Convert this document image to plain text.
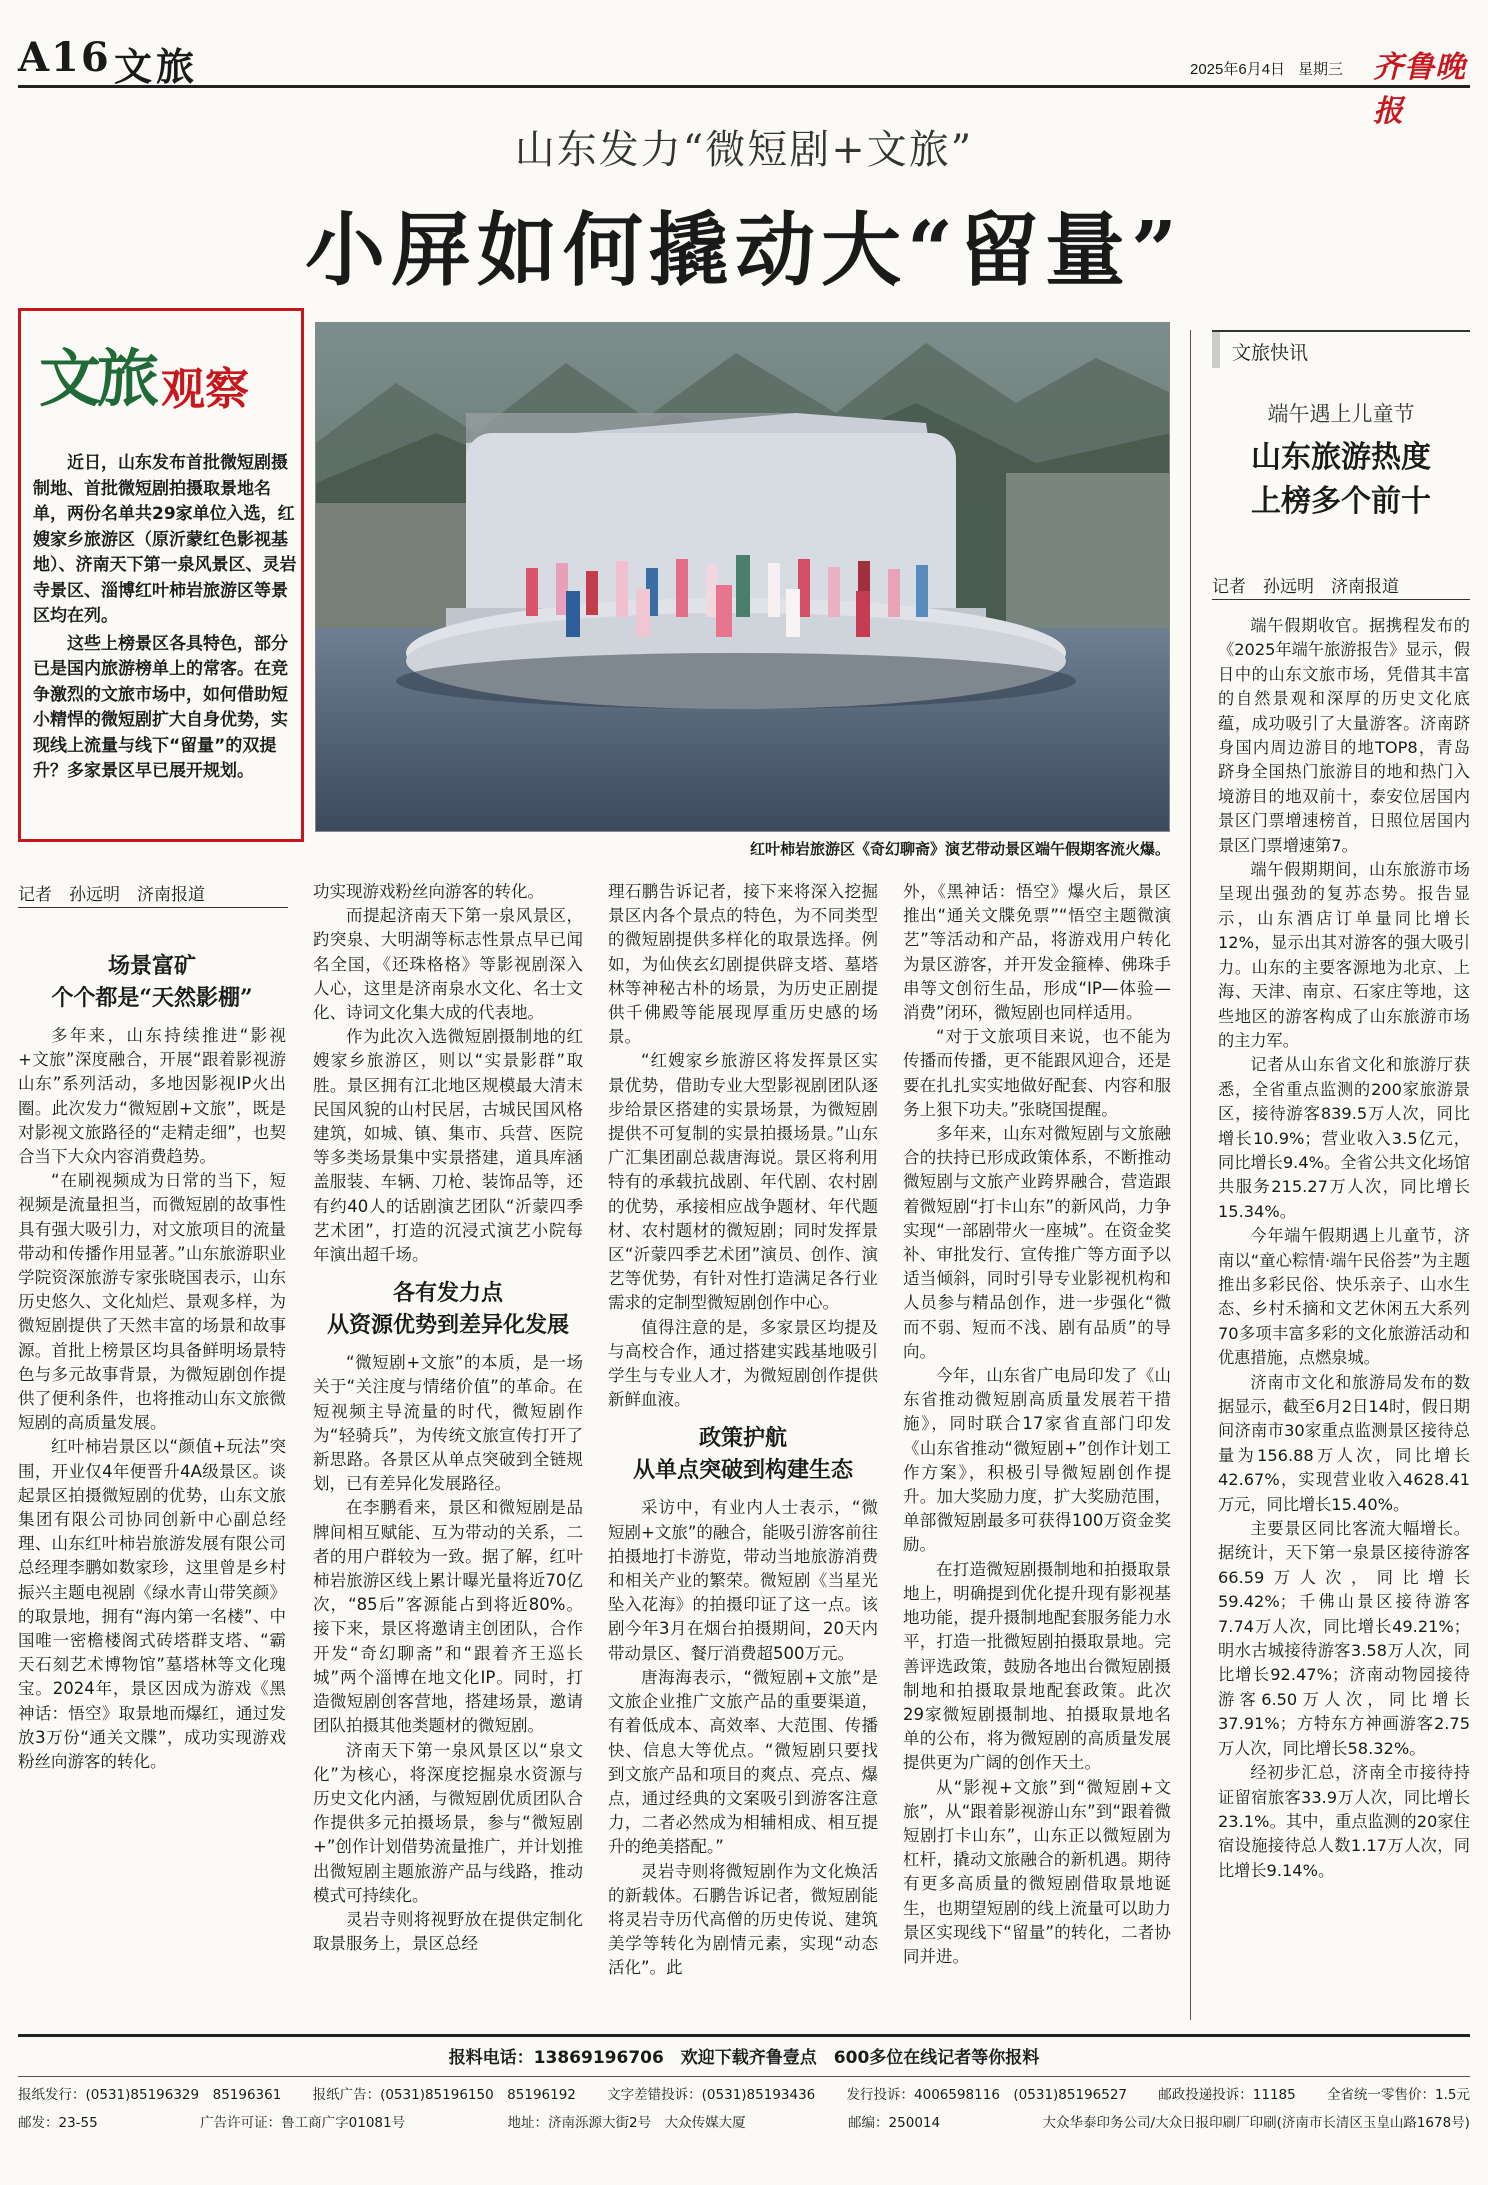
A16 文旅	2025年6月4日 星期三 齐鲁晚报
山东发力“微短剧+文旅”
小屏如何撬动大“留量”
文旅 观察

近日，山东发布首批微短剧摄制地、首批微短剧拍摄取景地名单，两份名单共29家单位入选，红嫂家乡旅游区（原沂蒙红色影视基地）、济南天下第一泉风景区、灵岩寺景区、淄博红叶柿岩旅游区等景区均在列。

这些上榜景区各具特色，部分已是国内旅游榜单上的常客。在竞争激烈的文旅市场中，如何借助短小精悍的微短剧扩大自身优势，实现线上流量与线下“留量”的双提升？多家景区早已展开规划。

红叶柿岩旅游区《奇幻聊斋》演艺带动景区端午假期客流火爆。
记者　孙远明　济南报道
场景富矿
个个都是“天然影棚”

多年来，山东持续推进“影视+文旅”深度融合，开展“跟着影视游山东”系列活动，多地因影视IP火出圈。此次发力“微短剧+文旅”，既是对影视文旅路径的“走精走细”，也契合当下大众内容消费趋势。

“在刷视频成为日常的当下，短视频是流量担当，而微短剧的故事性具有强大吸引力，对文旅项目的流量带动和传播作用显著。”山东旅游职业学院资深旅游专家张晓国表示，山东历史悠久、文化灿烂、景观多样，为微短剧提供了天然丰富的场景和故事源。首批上榜景区均具备鲜明场景特色与多元故事背景，为微短剧创作提供了便利条件，也将推动山东文旅微短剧的高质量发展。

红叶柿岩景区以“颜值+玩法”突围，开业仅4年便晋升4A级景区。谈起景区拍摄微短剧的优势，山东文旅集团有限公司协同创新中心副总经理、山东红叶柿岩旅游发展有限公司总经理李鹏如数家珍，这里曾是乡村振兴主题电视剧《绿水青山带笑颜》的取景地，拥有“海内第一名楼”、中国唯一密檐楼阁式砖塔群支塔、“霸天石刻艺术博物馆”墓塔林等文化瑰宝。2024年，景区因成为游戏《黑神话：悟空》取景地而爆红，通过发放3万份“通关文牒”，成功实现游戏粉丝向游客的转化。

功实现游戏粉丝向游客的转化。

而提起济南天下第一泉风景区，趵突泉、大明湖等标志性景点早已闻名全国，《还珠格格》等影视剧深入人心，这里是济南泉水文化、名士文化、诗词文化集大成的代表地。

作为此次入选微短剧摄制地的红嫂家乡旅游区，则以“实景影群”取胜。景区拥有江北地区规模最大清末民国风貌的山村民居，古城民国风格建筑，如城、镇、集市、兵营、医院等多类场景集中实景搭建，道具库涵盖服装、车辆、刀枪、装饰品等，还有约40人的话剧演艺团队“沂蒙四季艺术团”，打造的沉浸式演艺小院每年演出超千场。

各有发力点
从资源优势到差异化发展

“微短剧+文旅”的本质，是一场关于“关注度与情绪价值”的革命。在短视频主导流量的时代，微短剧作为“轻骑兵”，为传统文旅宣传打开了新思路。各景区从单点突破到全链规划，已有差异化发展路径。

在李鹏看来，景区和微短剧是品牌间相互赋能、互为带动的关系，二者的用户群较为一致。据了解，红叶柿岩旅游区线上累计曝光量将近70亿次，“85后”客源能占到将近80%。接下来，景区将邀请主创团队，合作开发“奇幻聊斋”和“跟着齐王巡长城”两个淄博在地文化IP。同时，打造微短剧创客营地，搭建场景，邀请团队拍摄其他类题材的微短剧。

济南天下第一泉风景区以“泉文化”为核心，将深度挖掘泉水资源与历史文化内涵，与微短剧优质团队合作提供多元拍摄场景，参与“微短剧+”创作计划借势流量推广，并计划推出微短剧主题旅游产品与线路，推动模式可持续化。

灵岩寺则将视野放在提供定制化取景服务上，景区总经

理石鹏告诉记者，接下来将深入挖掘景区内各个景点的特色，为不同类型的微短剧提供多样化的取景选择。例如，为仙侠玄幻剧提供辟支塔、墓塔林等神秘古朴的场景，为历史正剧提供千佛殿等能展现厚重历史感的场景。

“红嫂家乡旅游区将发挥景区实景优势，借助专业大型影视剧团队逐步给景区搭建的实景场景，为微短剧提供不可复制的实景拍摄场景。”山东广汇集团副总裁唐海说。景区将利用特有的承载抗战剧、年代剧、农村剧的优势，承接相应战争题材、年代题材、农村题材的微短剧；同时发挥景区“沂蒙四季艺术团”演员、创作、演艺等优势，有针对性打造满足各行业需求的定制型微短剧创作中心。

值得注意的是，多家景区均提及与高校合作，通过搭建实践基地吸引学生与专业人才，为微短剧创作提供新鲜血液。

政策护航
从单点突破到构建生态

采访中，有业内人士表示，“微短剧+文旅”的融合，能吸引游客前往拍摄地打卡游览，带动当地旅游消费和相关产业的繁荣。微短剧《当星光坠入花海》的拍摄印证了这一点。该剧今年3月在烟台拍摄期间，20天内带动景区、餐厅消费超500万元。

唐海海表示，“微短剧+文旅”是文旅企业推广文旅产品的重要渠道，有着低成本、高效率、大范围、传播快、信息大等优点。“微短剧只要找到文旅产品和项目的爽点、亮点、爆点，通过经典的文案吸引到游客注意力，二者必然成为相辅相成、相互提升的绝美搭配。”

灵岩寺则将微短剧作为文化焕活的新载体。石鹏告诉记者，微短剧能将灵岩寺历代高僧的历史传说、建筑美学等转化为剧情元素，实现“动态活化”。此

外，《黑神话：悟空》爆火后，景区推出“通关文牒免票”“悟空主题微演艺”等活动和产品，将游戏用户转化为景区游客，并开发金箍棒、佛珠手串等文创衍生品，形成“IP—体验—消费”闭环，微短剧也同样适用。

“对于文旅项目来说，也不能为传播而传播，更不能跟风迎合，还是要在扎扎实实地做好配套、内容和服务上狠下功夫。”张晓国提醒。

多年来，山东对微短剧与文旅融合的扶持已形成政策体系，不断推动微短剧与文旅产业跨界融合，营造跟着微短剧“打卡山东”的新风尚，力争实现“一部剧带火一座城”。在资金奖补、审批发行、宣传推广等方面予以适当倾斜，同时引导专业影视机构和人员参与精品创作，进一步强化“微而不弱、短而不浅、剧有品质”的导向。

今年，山东省广电局印发了《山东省推动微短剧高质量发展若干措施》，同时联合17家省直部门印发《山东省推动“微短剧+”创作计划工作方案》，积极引导微短剧创作提升。加大奖励力度，扩大奖励范围，单部微短剧最多可获得100万资金奖励。

在打造微短剧摄制地和拍摄取景地上，明确提到优化提升现有影视基地功能，提升摄制地配套服务能力水平，打造一批微短剧拍摄取景地。完善评选政策，鼓励各地出台微短剧摄制地和拍摄取景地配套政策。此次29家微短剧摄制地、拍摄取景地名单的公布，将为微短剧的高质量发展提供更为广阔的创作天土。

从“影视+文旅”到“微短剧+文旅”，从“跟着影视游山东”到“跟着微短剧打卡山东”，山东正以微短剧为杠杆，撬动文旅融合的新机遇。期待有更多高质量的微短剧借取景地诞生，也期望短剧的线上流量可以助力景区实现线下“留量”的转化，二者协同并进。

文旅快讯
端午遇上儿童节
山东旅游热度
上榜多个前十
记者　孙远明　济南报道

端午假期收官。据携程发布的《2025年端午旅游报告》显示，假日中的山东文旅市场，凭借其丰富的自然景观和深厚的历史文化底蕴，成功吸引了大量游客。济南跻身国内周边游目的地TOP8，青岛跻身全国热门旅游目的地和热门入境游目的地双前十，泰安位居国内景区门票增速榜首，日照位居国内景区门票增速第7。

端午假期期间，山东旅游市场呈现出强劲的复苏态势。报告显示，山东酒店订单量同比增长12%，显示出其对游客的强大吸引力。山东的主要客源地为北京、上海、天津、南京、石家庄等地，这些地区的游客构成了山东旅游市场的主力军。

记者从山东省文化和旅游厅获悉，全省重点监测的200家旅游景区，接待游客839.5万人次，同比增长10.9%；营业收入3.5亿元，同比增长9.4%。全省公共文化场馆共服务215.27万人次，同比增长15.34%。

今年端午假期遇上儿童节，济南以“童心粽情·端午民俗荟”为主题推出多彩民俗、快乐亲子、山水生态、乡村禾摘和文艺休闲五大系列70多项丰富多彩的文化旅游活动和优惠措施，点燃泉城。

济南市文化和旅游局发布的数据显示，截至6月2日14时，假日期间济南市30家重点监测景区接待总量为156.88万人次，同比增长42.67%，实现营业收入4628.41万元，同比增长15.40%。

主要景区同比客流大幅增长。据统计，天下第一泉景区接待游客66.59万人次，同比增长59.42%；千佛山景区接待游客7.74万人次，同比增长49.21%；明水古城接待游客3.58万人次，同比增长92.47%；济南动物园接待游客6.50万人次，同比增长37.91%；方特东方神画游客2.75万人次，同比增长58.32%。

经初步汇总，济南全市接待持证留宿旅客33.9万人次，同比增长23.1%。其中，重点监测的20家住宿设施接待总人数1.17万人次，同比增长9.14%。

报料电话：13869196706　欢迎下载齐鲁壹点　600多位在线记者等你报料
报纸发行：(0531)85196329　85196361 报纸广告：(0531)85196150　85196192 文字差错投诉：(0531)85193436 发行投诉：4006598116　(0531)85196527 邮政投递投诉：11185 全省统一零售价：1.5元
邮发：23-55	广告许可证：鲁工商广字01081号	地址：济南泺源大街2号　大众传媒大厦	邮编：250014	大众华泰印务公司/大众日报印刷厂印刷(济南市长清区玉皇山路1678号)
